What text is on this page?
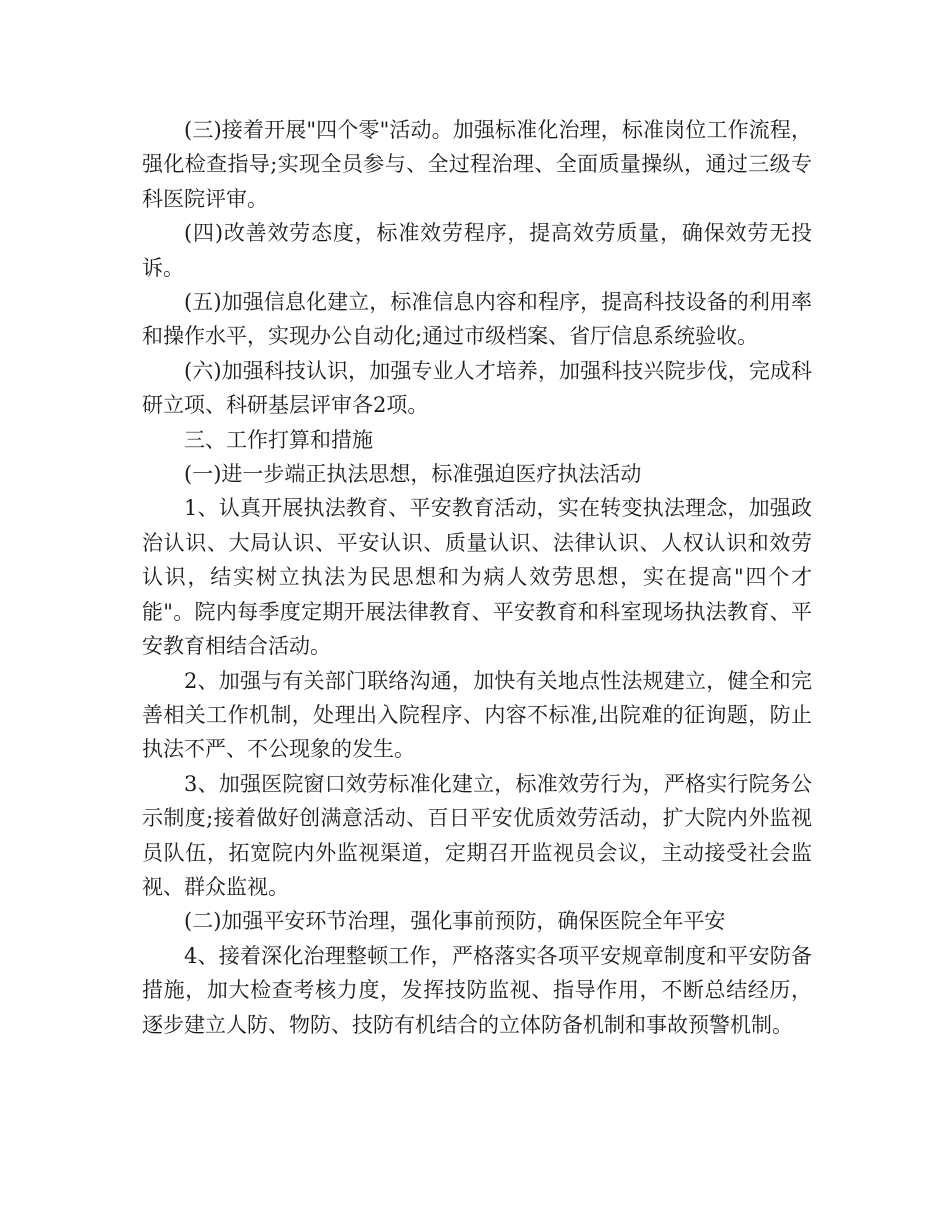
(三)接着开展"四个零"活动。加强标准化治理，标准岗位工作流程，强化检查指导;实现全员参与、全过程治理、全面质量操纵，通过三级专科医院评审。

(四)改善效劳态度，标准效劳程序，提高效劳质量，确保效劳无投诉。

(五)加强信息化建立，标准信息内容和程序，提高科技设备的利用率和操作水平，实现办公自动化;通过市级档案、省厅信息系统验收。

(六)加强科技认识，加强专业人才培养，加强科技兴院步伐，完成科研立项、科研基层评审各2项。

三、工作打算和措施

(一)进一步端正执法思想，标准强迫医疗执法活动

1、认真开展执法教育、平安教育活动，实在转变执法理念，加强政治认识、大局认识、平安认识、质量认识、法律认识、人权认识和效劳认识，结实树立执法为民思想和为病人效劳思想，实在提高"四个才能"。院内每季度定期开展法律教育、平安教育和科室现场执法教育、平安教育相结合活动。

2、加强与有关部门联络沟通，加快有关地点性法规建立，健全和完善相关工作机制，处理出入院程序、内容不标准,出院难的征询题，防止执法不严、不公现象的发生。

3、加强医院窗口效劳标准化建立，标准效劳行为，严格实行院务公示制度;接着做好创满意活动、百日平安优质效劳活动，扩大院内外监视员队伍，拓宽院内外监视渠道，定期召开监视员会议，主动接受社会监视、群众监视。

(二)加强平安环节治理，强化事前预防，确保医院全年平安

4、接着深化治理整顿工作，严格落实各项平安规章制度和平安防备措施，加大检查考核力度，发挥技防监视、指导作用，不断总结经历，逐步建立人防、物防、技防有机结合的立体防备机制和事故预警机制。
